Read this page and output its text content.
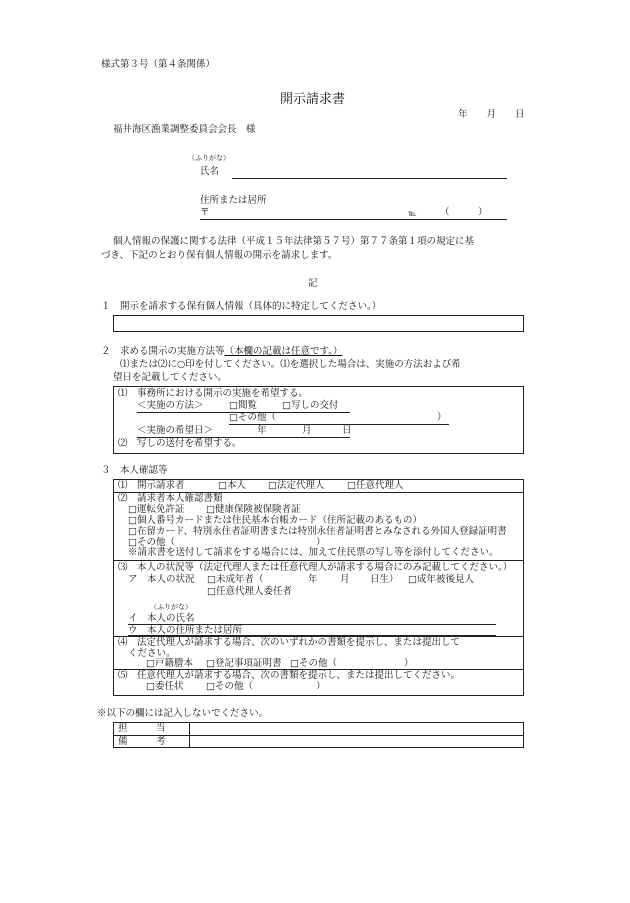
様式第３号（第４条関係）
開示請求書
年　　月　　日
福井海区漁業調整委員会会長　様
（ふりがな）
氏名
住所または居所
〒	℡ （　　　）
個人情報の保護に関する法律（平成１５年法律第５７号）第７７条第１項の規定に基
づき、下記のとおり保有個人情報の開示を請求します。
記
１　開示を請求する保有個人情報（具体的に特定してください。）
２　求める開示の実施方法等（本欄の記載は任意です。）
⑴または⑵に○印を付してください。⑴を選択した場合は、実施の方法および希
望日を記載してください。
⑴　事務所における開示の実施を希望する。
＜実施の方法＞	□閲覧	□写しの交付
□その他（	）
＜実施の希望日＞	年	月	日
⑵　写しの送付を希望する。
３　本人確認等
⑴　開示請求者	□本人 □法定代理人 □任意代理人
⑵　請求者本人確認書類
□運転免許証 □健康保険被保険者証
□個人番号カードまたは住民基本台帳カード（住所記載のあるもの）
□在留カード、特別永住者証明書または特別永住者証明書とみなされる外国人登録証明書
□その他（	）
※請求書を送付して請求をする場合には、加えて住民票の写し等を添付してください。
⑶　本人の状況等（法定代理人または任意代理人が請求する場合にのみ記載してください。）
ア　本人の状況 □未成年者（	年 月 日生） □成年被後見人
□任意代理人委任者
（ふりがな）
イ　本人の氏名
ウ　本人の住所または居所
⑷　法定代理人が請求する場合、次のいずれかの書類を提示し、または提出して
ください。
□戸籍謄本 □登記事項証明書 □その他（	）
⑸　任意代理人が請求する場合、次の書類を提示し、または提出してください。
□委任状 □その他（	）
※以下の欄には記入しないでください。
担　　　当
備　　　考
